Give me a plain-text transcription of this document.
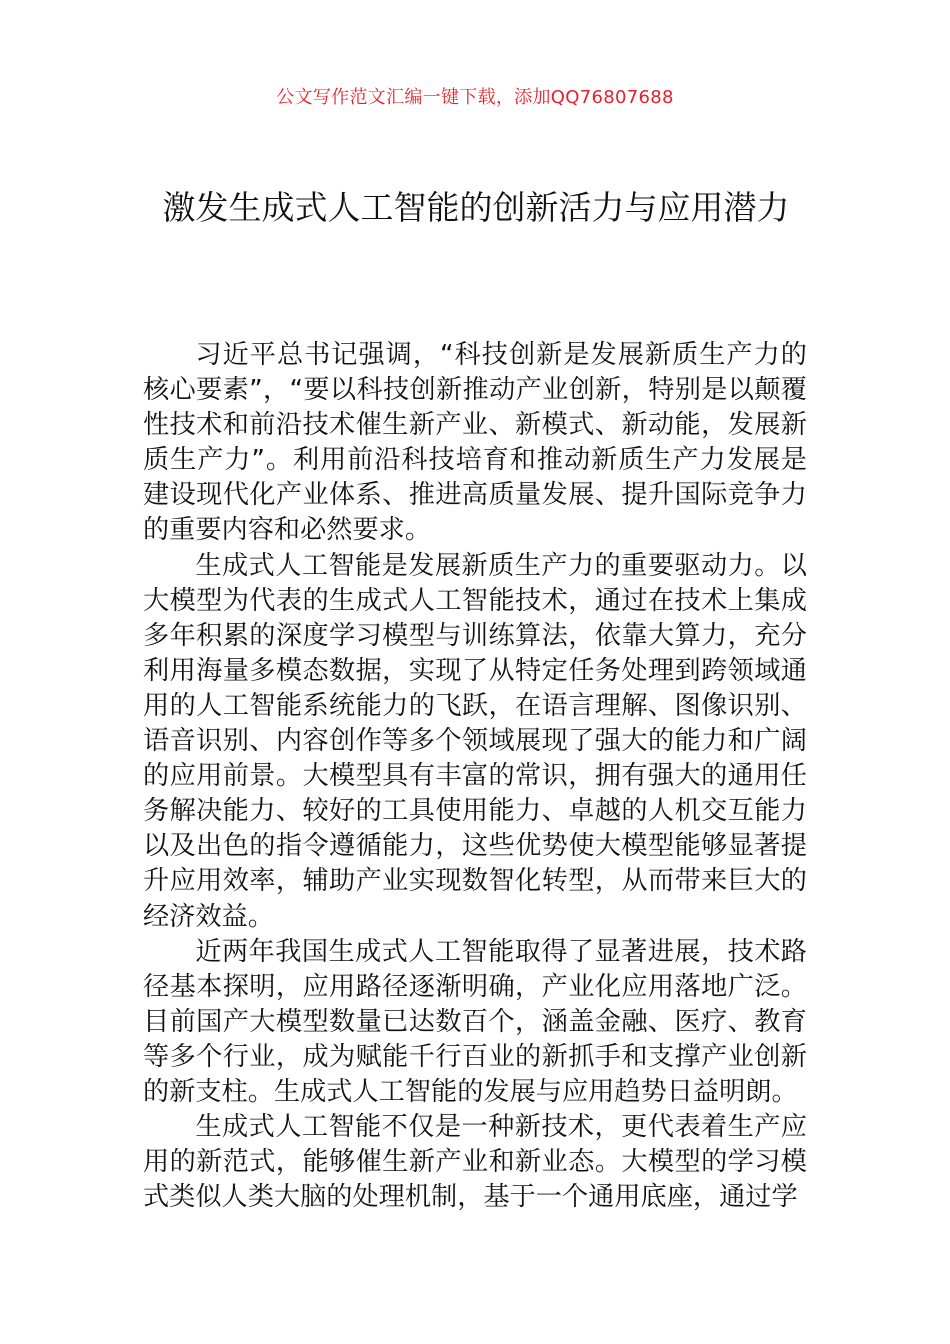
公文写作范文汇编一键下载，添加QQ76807688
激发生成式人工智能的创新活力与应用潜力

习近平总书记强调，“科技创新是发展新质生产力的核心要素”，“要以科技创新推动产业创新，特别是以颠覆性技术和前沿技术催生新产业、新模式、新动能，发展新质生产力”。利用前沿科技培育和推动新质生产力发展是建设现代化产业体系、推进高质量发展、提升国际竞争力的重要内容和必然要求。

生成式人工智能是发展新质生产力的重要驱动力。以大模型为代表的生成式人工智能技术，通过在技术上集成多年积累的深度学习模型与训练算法，依靠大算力，充分利用海量多模态数据，实现了从特定任务处理到跨领域通用的人工智能系统能力的飞跃，在语言理解、图像识别、语音识别、内容创作等多个领域展现了强大的能力和广阔的应用前景。大模型具有丰富的常识，拥有强大的通用任务解决能力、较好的工具使用能力、卓越的人机交互能力以及出色的指令遵循能力，这些优势使大模型能够显著提升应用效率，辅助产业实现数智化转型，从而带来巨大的经济效益。

近两年我国生成式人工智能取得了显著进展，技术路径基本探明，应用路径逐渐明确，产业化应用落地广泛。目前国产大模型数量已达数百个，涵盖金融、医疗、教育等多个行业，成为赋能千行百业的新抓手和支撑产业创新的新支柱。生成式人工智能的发展与应用趋势日益明朗。

生成式人工智能不仅是一种新技术，更代表着生产应用的新范式，能够催生新产业和新业态。大模型的学习模式类似人类大脑的处理机制，基于一个通用底座，通过学
